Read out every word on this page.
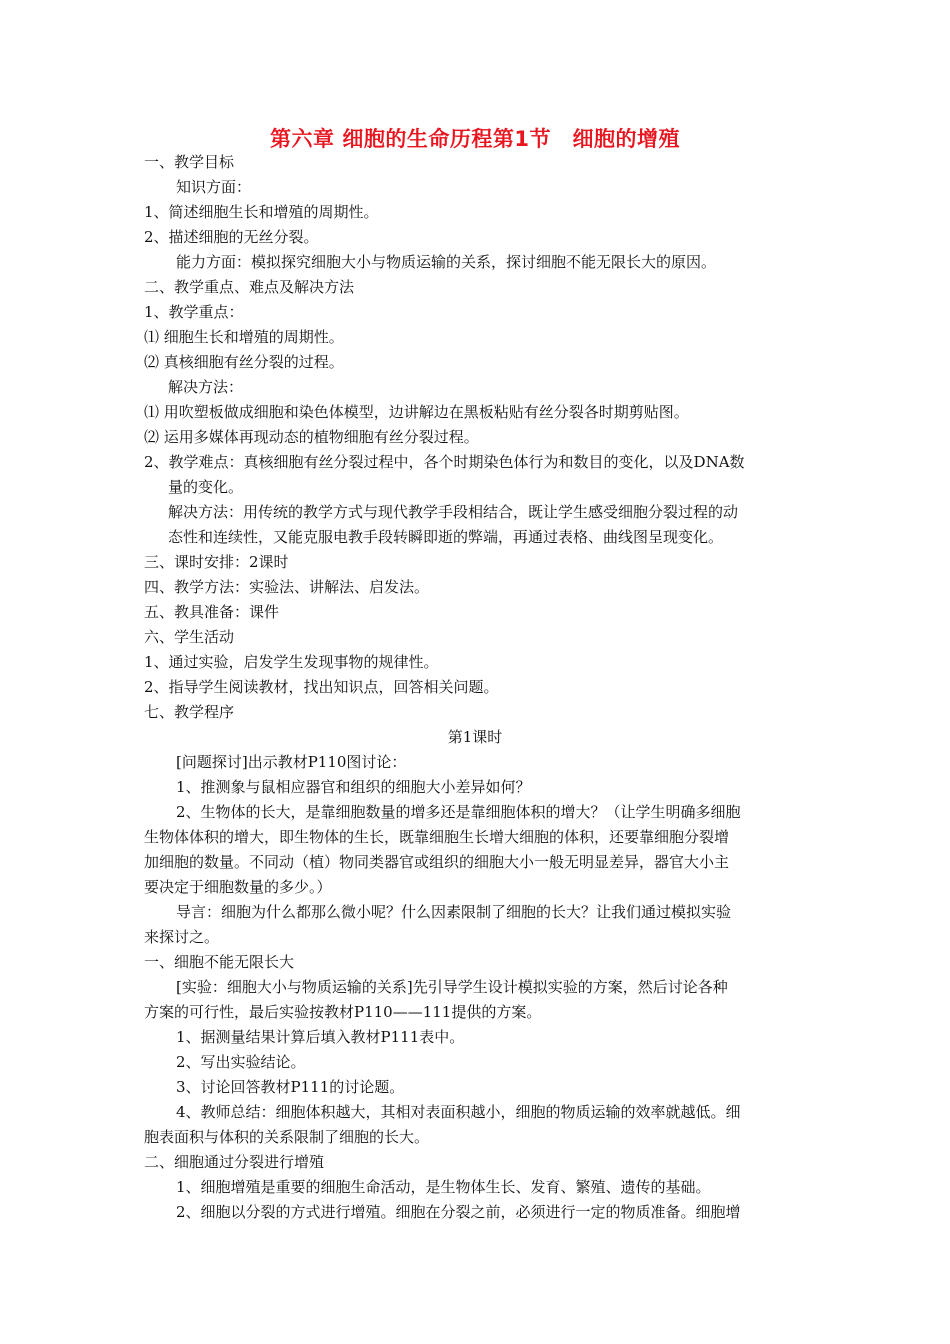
第六章 细胞的生命历程第1节　细胞的增殖
一、教学目标
知识方面：
1、简述细胞生长和增殖的周期性。
2、描述细胞的无丝分裂。
能力方面：模拟探究细胞大小与物质运输的关系，探讨细胞不能无限长大的原因。
二、教学重点、难点及解决方法
1、教学重点：
⑴ 细胞生长和增殖的周期性。
⑵ 真核细胞有丝分裂的过程。
解决方法：
⑴ 用吹塑板做成细胞和染色体模型，边讲解边在黑板粘贴有丝分裂各时期剪贴图。
⑵ 运用多媒体再现动态的植物细胞有丝分裂过程。
2、教学难点：真核细胞有丝分裂过程中，各个时期染色体行为和数目的变化，以及DNA数
量的变化。
解决方法：用传统的教学方式与现代教学手段相结合，既让学生感受细胞分裂过程的动
态性和连续性，又能克服电教手段转瞬即逝的弊端，再通过表格、曲线图呈现变化。
三、课时安排：2课时
四、教学方法：实验法、讲解法、启发法。
五、教具准备：课件
六、学生活动
1、通过实验，启发学生发现事物的规律性。
2、指导学生阅读教材，找出知识点，回答相关问题。
七、教学程序
第1课时
[问题探讨]出示教材P110图讨论：
1、推测象与鼠相应器官和组织的细胞大小差异如何？
2、生物体的长大，是靠细胞数量的增多还是靠细胞体积的增大？（让学生明确多细胞
生物体体积的增大，即生物体的生长，既靠细胞生长增大细胞的体积，还要靠细胞分裂增
加细胞的数量。不同动（植）物同类器官或组织的细胞大小一般无明显差异，器官大小主
要决定于细胞数量的多少。）
导言：细胞为什么都那么微小呢？什么因素限制了细胞的长大？让我们通过模拟实验
来探讨之。
一、细胞不能无限长大
[实验：细胞大小与物质运输的关系]先引导学生设计模拟实验的方案，然后讨论各种
方案的可行性，最后实验按教材P110——111提供的方案。
1、据测量结果计算后填入教材P111表中。
2、写出实验结论。
3、讨论回答教材P111的讨论题。
4、教师总结：细胞体积越大，其相对表面积越小，细胞的物质运输的效率就越低。细
胞表面积与体积的关系限制了细胞的长大。
二、细胞通过分裂进行增殖
1、细胞增殖是重要的细胞生命活动，是生物体生长、发育、繁殖、遗传的基础。
2、细胞以分裂的方式进行增殖。细胞在分裂之前，必须进行一定的物质准备。细胞增
